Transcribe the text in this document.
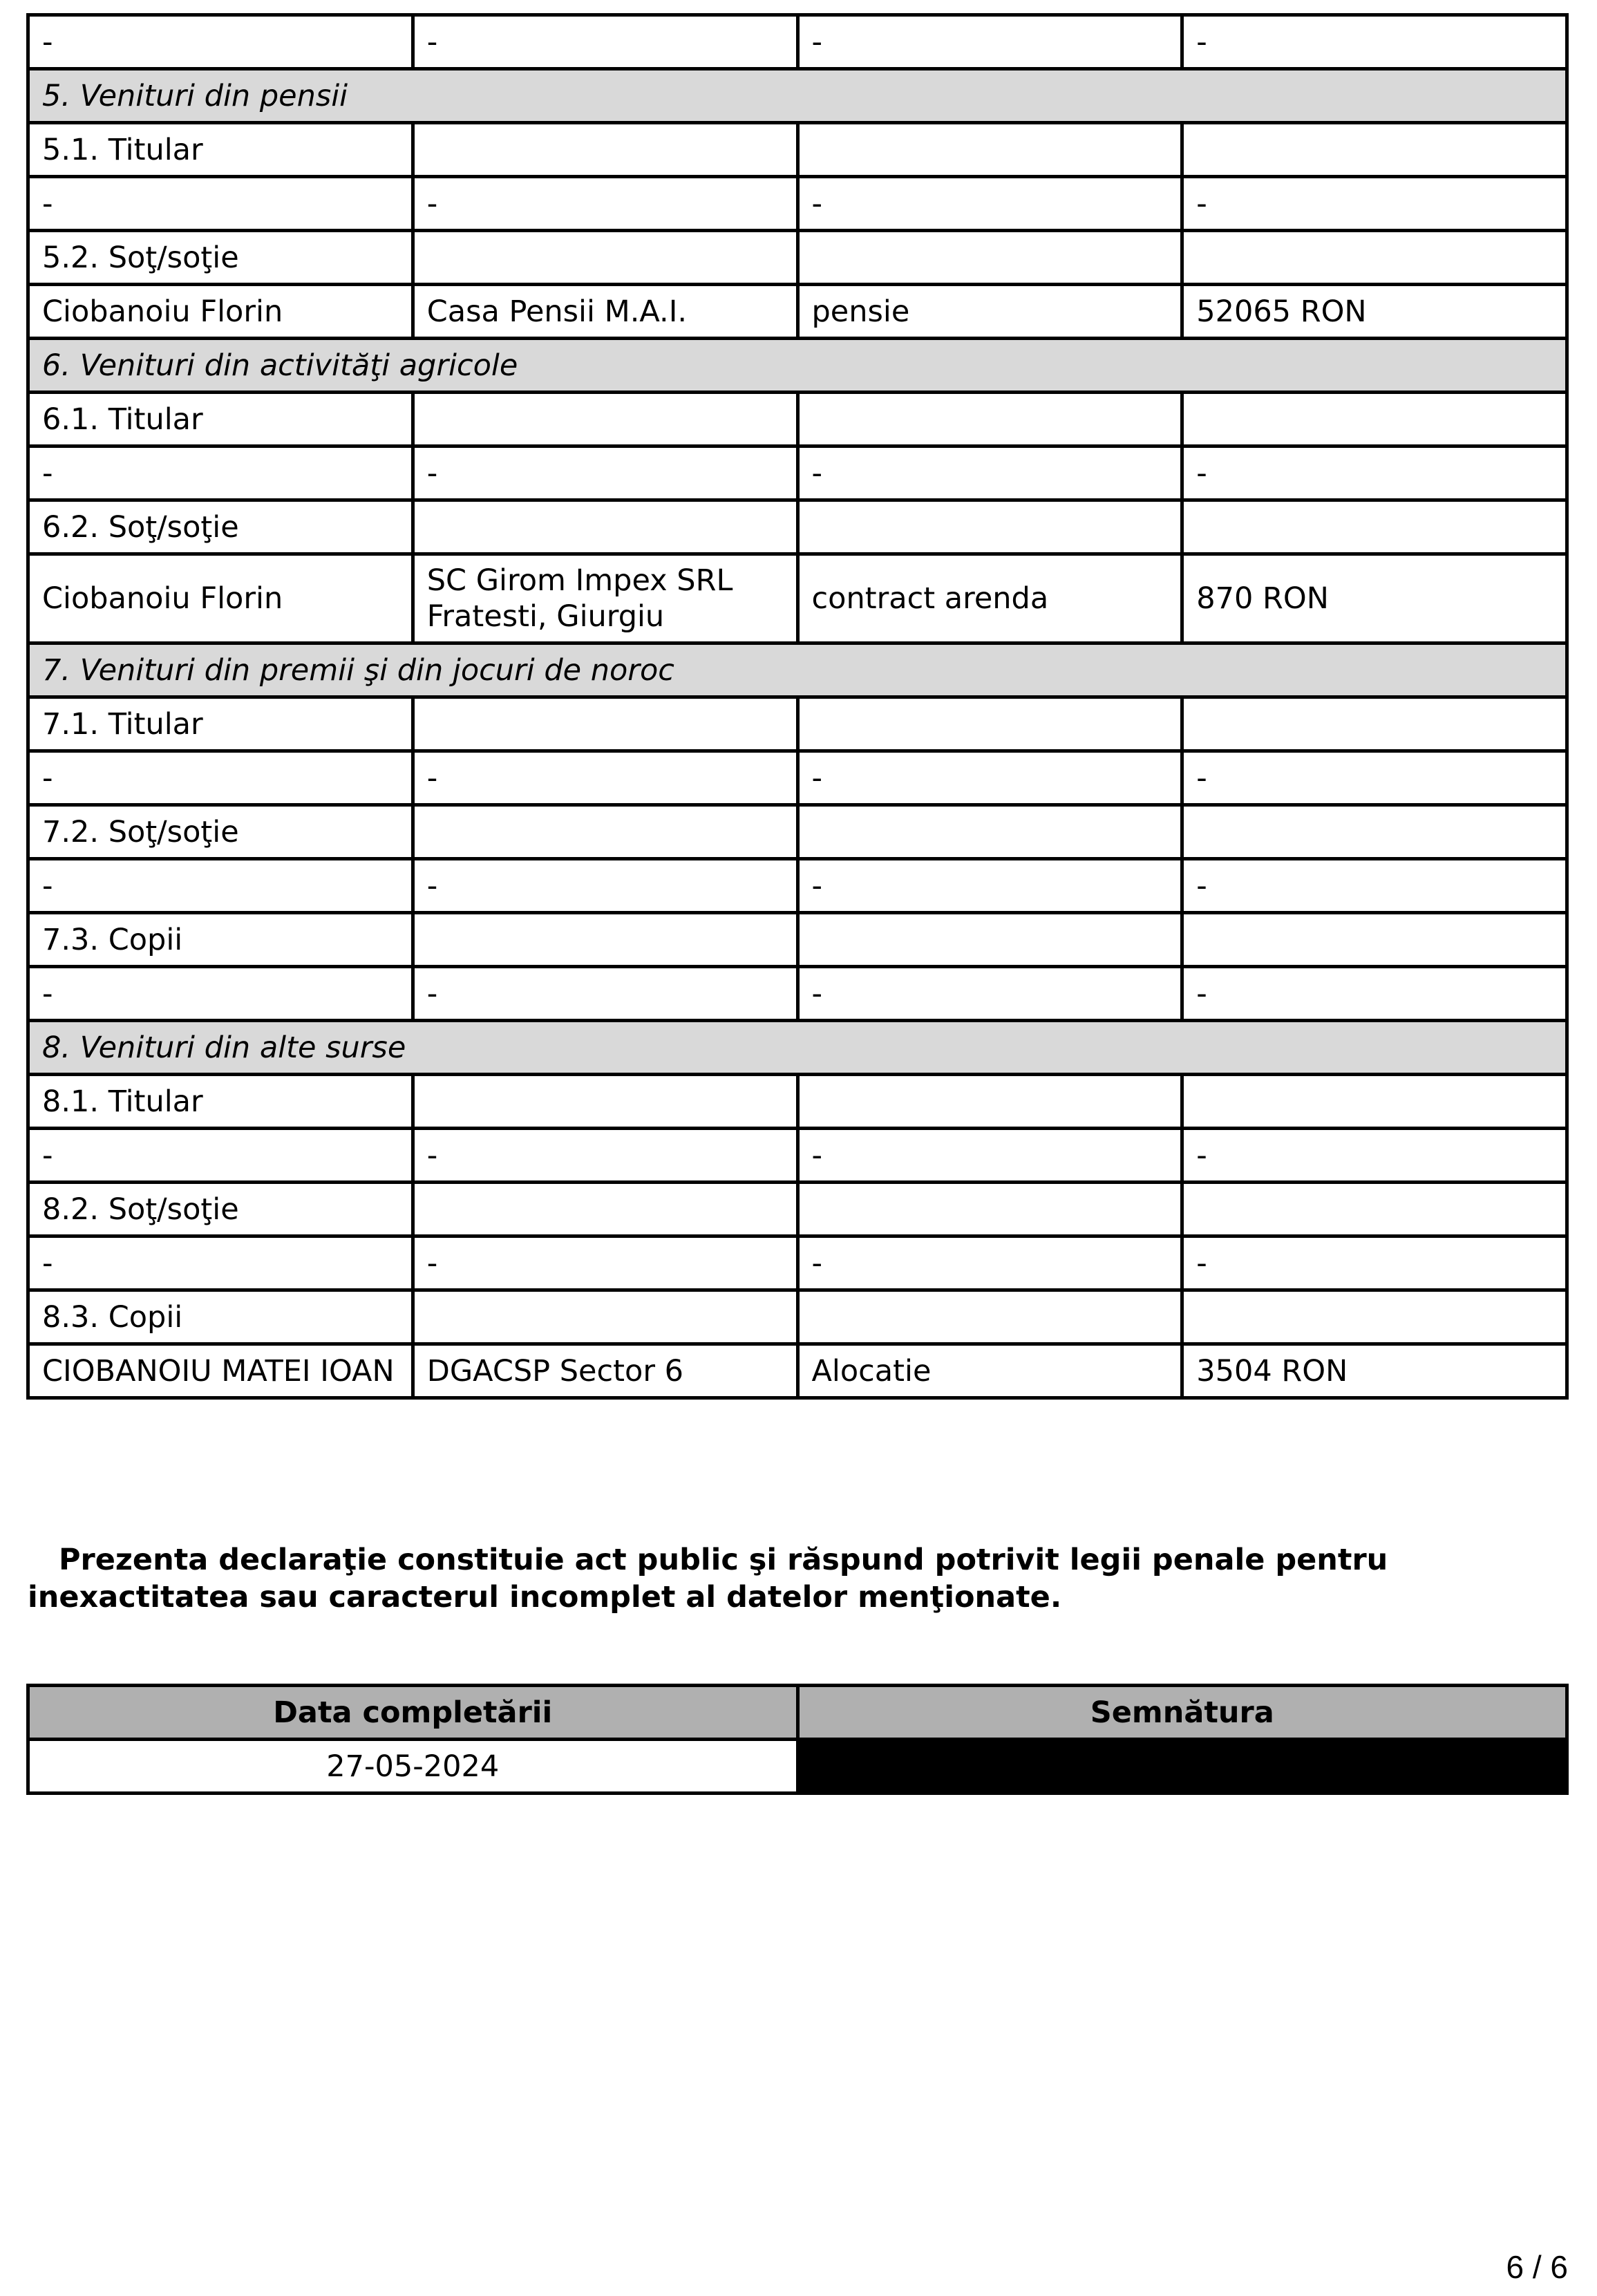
-	-	-	-
5. Venituri din pensii			
5.1. Titular			
-	-	-	-
5.2. Soţ/soţie			
Ciobanoiu Florin	Casa Pensii M.A.I.	pensie	52065 RON
6. Venituri din activităţi agricole			
6.1. Titular			
-	-	-	-
6.2. Soţ/soţie			
Ciobanoiu Florin	SC Girom Impex SRL Fratesti, Giurgiu	contract arenda	870 RON
7. Venituri din premii şi din jocuri de noroc			
7.1. Titular			
-	-	-	-
7.2. Soţ/soţie			
-	-	-	-
7.3. Copii			
-	-	-	-
8. Venituri din alte surse			
8.1. Titular			
-	-	-	-
8.2. Soţ/soţie			
-	-	-	-
8.3. Copii			
CIOBANOIU MATEI IOAN	DGACSP Sector 6	Alocatie	3504 RON

Prezenta declaraţie constituie act public şi răspund potrivit legii penale pentru inexactitatea sau caracterul incomplet al datelor menţionate.

Data completării	Semnătura
27-05-2024	
6 / 6
